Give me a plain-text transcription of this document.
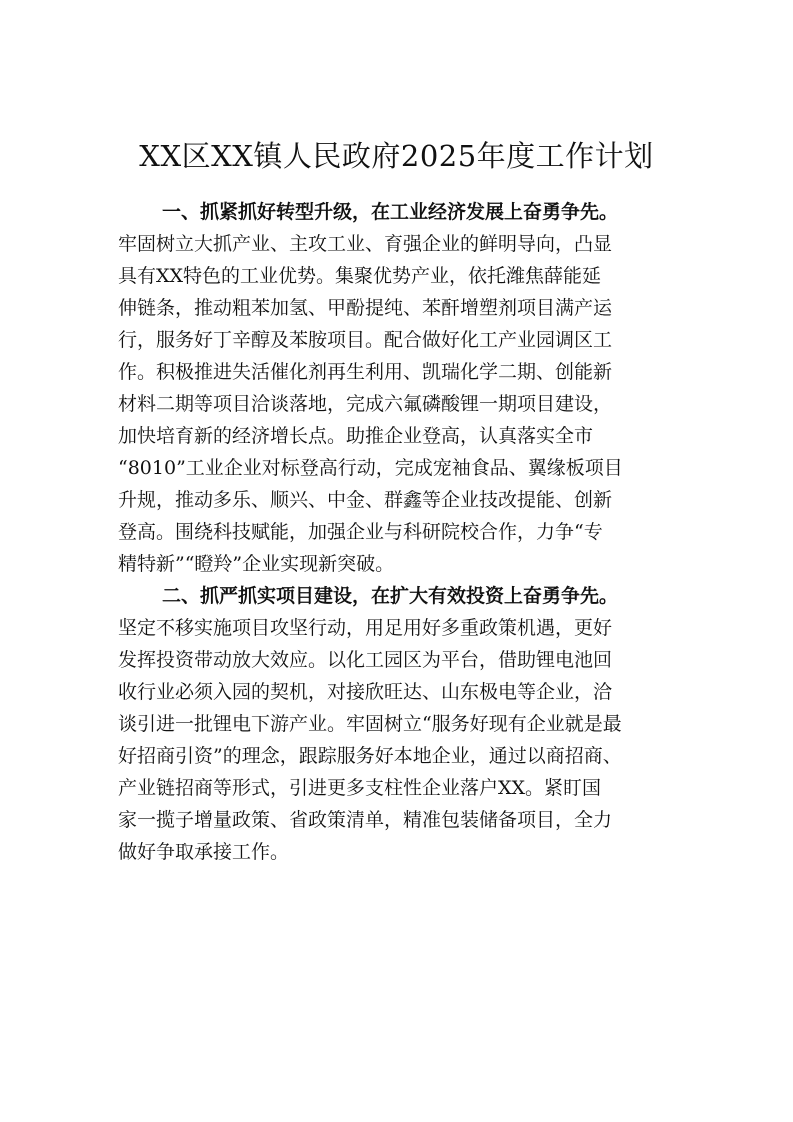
XX区XX镇人民政府2025年度工作计划
一、抓紧抓好转型升级，在工业经济发展上奋勇争先。
牢固树立大抓产业、主攻工业、育强企业的鲜明导向，凸显
具有XX特色的工业优势。集聚优势产业，依托潍焦薛能延
伸链条，推动粗苯加氢、甲酚提纯、苯酐增塑剂项目满产运
行，服务好丁辛醇及苯胺项目。配合做好化工产业园调区工
作。积极推进失活催化剂再生利用、凯瑞化学二期、创能新
材料二期等项目洽谈落地，完成六氟磷酸锂一期项目建设，
加快培育新的经济增长点。助推企业登高，认真落实全市
“8010”工业企业对标登高行动，完成宠袖食品、翼缘板项目
升规，推动多乐、顺兴、中金、群鑫等企业技改提能、创新
登高。围绕科技赋能，加强企业与科研院校合作，力争“专
精特新”“瞪羚”企业实现新突破。
二、抓严抓实项目建设，在扩大有效投资上奋勇争先。
坚定不移实施项目攻坚行动，用足用好多重政策机遇，更好
发挥投资带动放大效应。以化工园区为平台，借助锂电池回
收行业必须入园的契机，对接欣旺达、山东极电等企业，洽
谈引进一批锂电下游产业。牢固树立“服务好现有企业就是最
好招商引资”的理念，跟踪服务好本地企业，通过以商招商、
产业链招商等形式，引进更多支柱性企业落户XX。紧盯国
家一揽子增量政策、省政策清单，精准包装储备项目，全力
做好争取承接工作。
